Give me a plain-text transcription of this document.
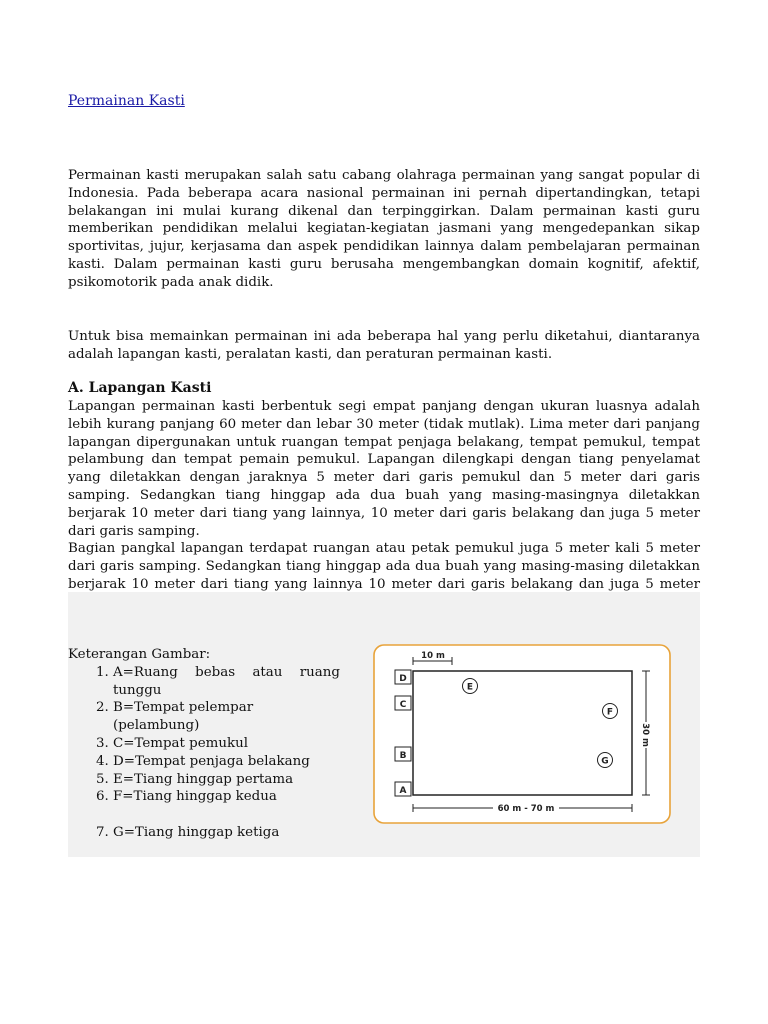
Permainan Kasti

Permainan kasti merupakan salah satu cabang olahraga permainan yang sangat popular di Indonesia. Pada beberapa acara nasional permainan ini pernah dipertandingkan, tetapi belakangan ini mulai kurang dikenal dan terpinggirkan. Dalam permainan kasti guru memberikan pendidikan melalui kegiatan-kegiatan jasmani yang mengedepankan sikap sportivitas, jujur, kerjasama dan aspek pendidikan lainnya dalam pembelajaran permainan kasti. Dalam permainan kasti guru berusaha mengembangkan domain kognitif, afektif, psikomotorik pada anak didik.

Untuk bisa memainkan permainan ini ada beberapa hal yang perlu diketahui, diantaranya adalah lapangan kasti, peralatan kasti, dan peraturan permainan kasti.

A. Lapangan Kasti
Lapangan permainan kasti berbentuk segi empat panjang dengan ukuran luasnya adalah lebih kurang panjang 60 meter dan lebar 30 meter (tidak mutlak). Lima meter dari panjang lapangan dipergunakan untuk ruangan tempat penjaga belakang, tempat pemukul, tempat pelambung dan tempat pemain pemukul. Lapangan dilengkapi dengan tiang penyelamat yang diletakkan dengan jaraknya 5 meter dari garis pemukul dan 5 meter dari garis samping. Sedangkan tiang hinggap ada dua buah yang masing-masingnya diletakkan berjarak 10 meter dari tiang yang lainnya, 10 meter dari garis belakang dan juga 5 meter dari garis samping.
Bagian pangkal lapangan terdapat ruangan atau petak pemukul juga 5 meter kali 5 meter dari garis samping. Sedangkan tiang hinggap ada dua buah yang masing-masing diletakkan berjarak 10 meter dari tiang yang lainnya 10 meter dari garis belakang dan juga 5 meter
Keterangan Gambar:
1. A=Ruang bebas atau ruang
tunggu
2. B=Tempat pelempar (pelambung)
3. C=Tempat pemukul
4. D=Tempat penjaga belakang
5. E=Tiang hinggap pertama
6. F=Tiang hinggap kedua
7. G=Tiang hinggap ketiga
10 m
30 m
60 m - 70 m
D
C
B
A
E
F
G
